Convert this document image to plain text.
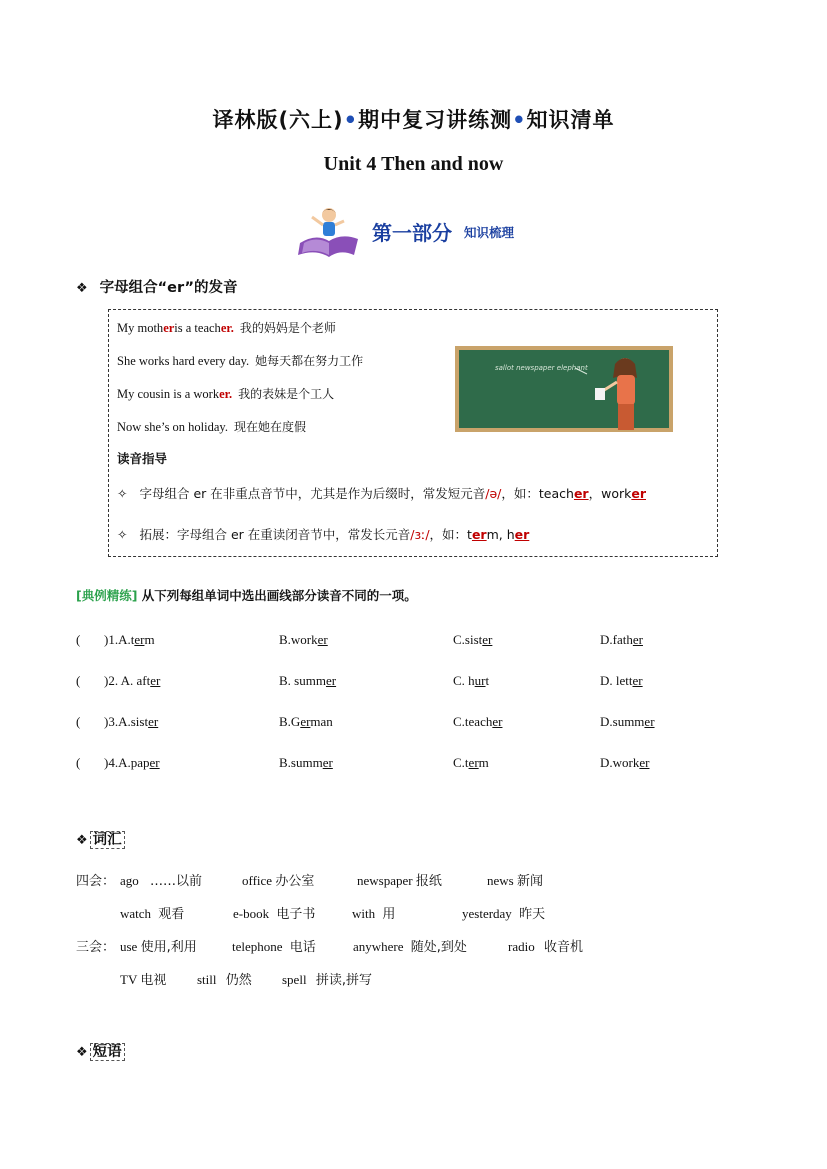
译林版(六上)•期中复习讲练测•知识清单
Unit 4 Then and now
第一部分 知识梳理
❖ 字母组合“er”的发音
My motheris a teacher. 我的妈妈是个老师
She works hard every day. 她每天都在努力工作
My cousin is a worker. 我的表妹是个工人
Now she’s on holiday. 现在她在度假
sallot newspaper elephant
读音指导
✧ 字母组合 er 在非重点音节中，尤其是作为后缀时，常发短元音/ə/，如：teacher，worker
✧ 拓展：字母组合 er 在重读闭音节中，常发长元音/ɜː/，如：term, her
[典例精练] 从下列每组单词中选出画线部分读音不同的一项。
( )1.A.term	B.worker	C.sister	D.father
( )2. A. after	B. summer	C. hurt	D. letter
( )3.A.sister	B.German	C.teacher	D.summer
( )4.A.paper	B.summer	C.term	D.worker
❖ 词汇
四会： ago ……以前	office 办公室	newspaper 报纸	news 新闻
watch 观看	e-book 电子书	with 用	yesterday 昨天
三会： use 使用,利用	telephone 电话	anywhere 随处,到处	radio 收音机
TV 电视 still 仍然 spell 拼读,拼写
❖ 短语
